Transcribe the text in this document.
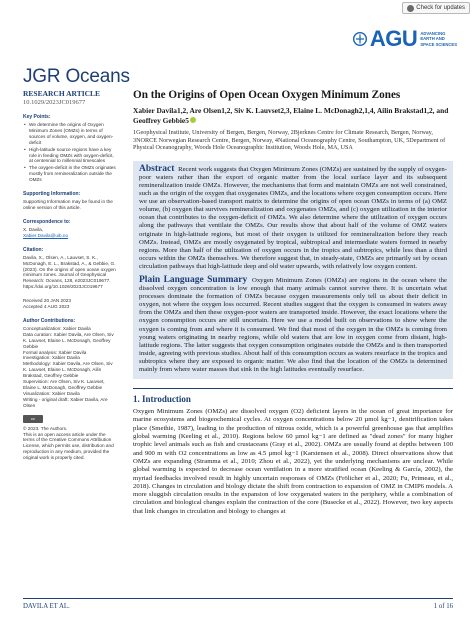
Check for updates
AGU ADVANCING
EARTH AND
SPACE SCIENCES
JGR Oceans
RESEARCH ARTICLE
10.1029/2023JC019677
Key Points:
• We determine the origins of Oxygen Minimum Zones (OMZs) in terms of sources of volume, oxygen, and oxygen-deficit
• High-latitude source regions have a key role in feeding OMZs with oxygen-deficit, at centennial to millennial timescales
• The oxygen-deficit in the OMZs originates mostly from remineralization outside the OMZs
Supporting Information:
Supporting Information may be found in the online version of this article.
Correspondence to:
X. Davila,
Xabier.Davila@uib.no
Citation:
Davila, X., Olsen, A., Lauvset, S. K., McDonagh, E. L., Brakstad, A., & Gebbie, G. (2023). On the origins of open ocean oxygen minimum zones. Journal of Geophysical Research: Oceans, 128, e2023JC019677. https://doi.org/10.1029/2023JC019677
Received 20 JAN 2023
Accepted 4 AUG 2023
Author Contributions:
Conceptualization: Xabier Davila
Data curation: Xabier Davila, Are Olsen, Siv K. Lauvset, Elaine L. McDonagh, Geoffrey Gebbie
Formal analysis: Xabier Davila
Investigation: Xabier Davila
Methodology: Xabier Davila, Are Olsen, Siv K. Lauvset, Elaine L. McDonagh, Ailin Brakstad, Geoffrey Gebbie
Supervision: Are Olsen, Siv K. Lauvset, Elaine L. McDonagh, Geoffrey Gebbie
Visualization: Xabier Davila
Writing - original draft: Xabier Davila, Are Olsen
cc
© 2023. The Authors.
This is an open access article under the terms of the Creative Commons Attribution License, which permits use, distribution and reproduction in any medium, provided the original work is properly cited.
On the Origins of Open Ocean Oxygen Minimum Zones
Xabier Davila1,2, Are Olsen1,2, Siv K. Lauvset2,3, Elaine L. McDonagh2,1,4, Ailin Brakstad1,2, and Geoffrey Gebbie5
1Geophysical Institute, University of Bergen, Bergen, Norway, 2Bjerknes Centre for Climate Research, Bergen, Norway, 3NORCE Norwegian Research Centre, Bergen, Norway, 4National Oceanography Centre, Southampton, UK, 5Department of Physical Oceanography, Woods Hole Oceanographic Institution, Woods Hole, MA, USA

Abstract Recent work suggests that Oxygen Minimum Zones (OMZs) are sustained by the supply of oxygen-poor waters rather than the export of organic matter from the local surface layer and its subsequent remineralization inside OMZs. However, the mechanisms that form and maintain OMZs are not well constrained, such as the origin of the oxygen that oxygenates OMZs, and the locations where oxygen consumption occurs. Here we use an observation-based transport matrix to determine the origins of open ocean OMZs in terms of (a) OMZ volume, (b) oxygen that survives remineralization and oxygenates OMZs, and (c) oxygen utilization in the interior ocean that contributes to the oxygen-deficit of OMZs. We also determine where the utilization of oxygen occurs along the pathways that ventilate the OMZs. Our results show that about half of the volume of OMZ waters originate in high-latitude regions, but most of their oxygen is utilized for remineralization before they reach OMZs. Instead, OMZs are mostly oxygenated by tropical, subtropical and intermediate waters formed in nearby regions. More than half of the utilization of oxygen occurs in the tropics and subtropics, while less than a third occurs within the OMZs themselves. We therefore suggest that, in steady-state, OMZs are primarily set by ocean circulation pathways that high-latitude deep and old water upwards, with relatively low oxygen content.

Plain Language Summary Oxygen Minimum Zones (OMZs) are regions in the ocean where the dissolved oxygen concentration is low enough that many animals cannot survive there. It is uncertain what processes dominate the formation of OMZs because oxygen measurements only tell us about their deficit in oxygen, not where the oxygen loss occurred. Recent studies suggest that the oxygen is consumed in waters away from the OMZs and then these oxygen-poor waters are transported inside. However, the exact locations where the oxygen consumption occurs are still uncertain. Here we use a model built on observations to show where the oxygen is coming from and where it is consumed. We find that most of the oxygen in the OMZs is coming from young waters originating in nearby regions, while old waters that are low in oxygen come from distant, high-latitude regions. The latter suggests that oxygen consumption originates outside the OMZs and is then transported inside, agreeing with previous studies. About half of this consumption occurs as waters resurface in the tropics and subtropics where they are exposed to organic matter. We also find that the location of the OMZs is determined mainly from where water masses that sink in the high latitudes eventually resurface.

1. Introduction

Oxygen Minimum Zones (OMZs) are dissolved oxygen (O2) deficient layers in the ocean of great importance for marine ecosystems and biogeochemical cycles. At oxygen concentrations below 20 µmol kg−1, denitrification takes place (Smethie, 1987), leading to the production of nitrous oxide, which is a powerful greenhouse gas that amplifies global warming (Keeling et al., 2010). Regions below 60 µmol kg−1 are defined as "dead zones" for many higher trophic level animals such as fish and crustaceans (Gray et al., 2002). OMZs are usually found at depths between 100 and 900 m with O2 concentrations as low as 4.5 µmol kg−1 (Karstensen et al., 2008). Direct observations show that OMZs are expanding (Stramma et al., 2010; Zhou et al., 2022), yet the underlying mechanisms are unclear. While global warming is expected to decrease ocean ventilation in a more stratified ocean (Keeling & García, 2002), the myriad feedbacks involved result in highly uncertain responses of OMZs (Frölicher et al., 2020; Fu, Primeau, et al., 2018). Changes in circulation and biology dictate the shift from contraction to expansion of OMZ in CMIP6 models. A more sluggish circulation results in the expansion of low oxygenated waters in the periphery, while a combination of circulation and biological changes explain the contraction of the core (Busecke et al., 2022). However, two key aspects that link changes in circulation and biology to changes at

DAVILA ET AL.	1 of 16
